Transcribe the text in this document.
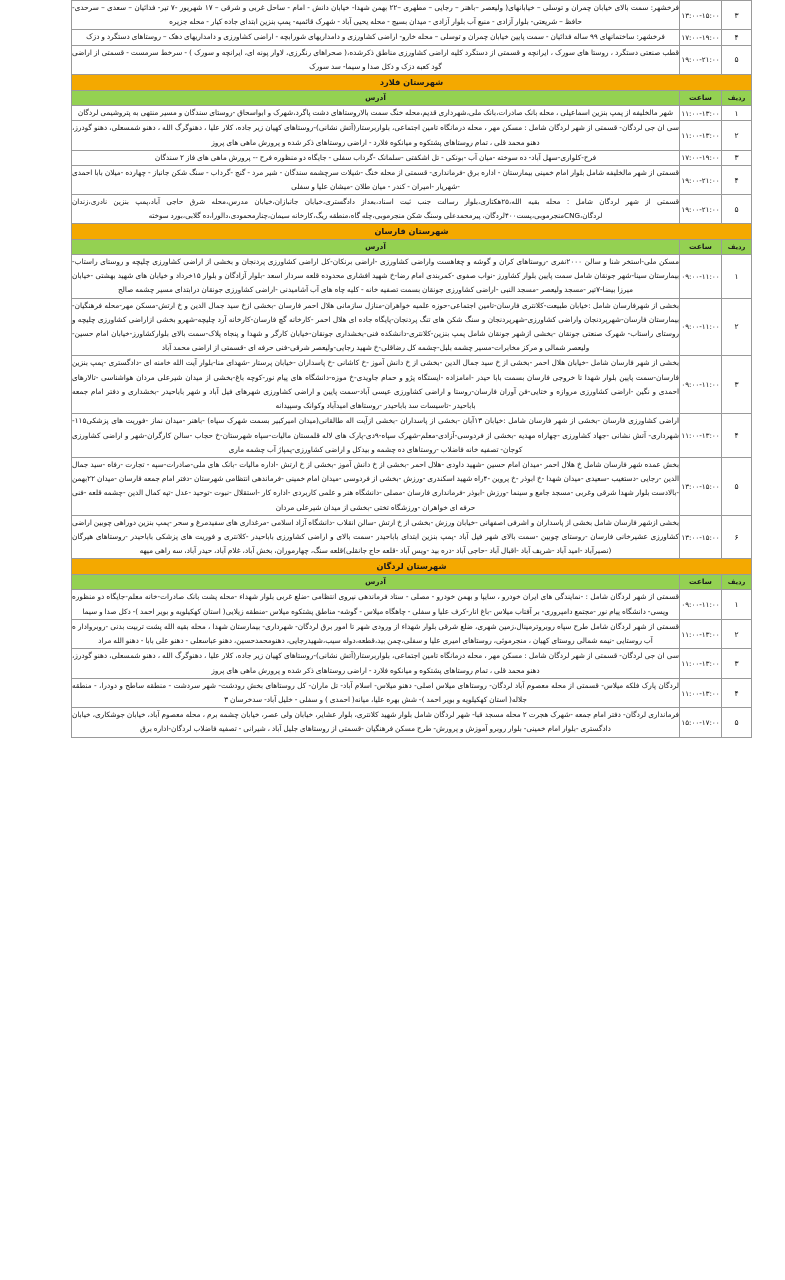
۳	۱۳:۰۰-۱۵:۰۰	فرخشهر: سمت بالای خیابان چمران و توسلی – خیابانهای( ولیعصر –باهنر – رجایی – مطهری –۲۲ بهمن شهدا- خیابان دانش - امام - ساحل غربی و شرقی – ۱۷ شهریور -۷ تیر- فدائیان – سعدی – سرحدی- حافظ – شریعتی- بلوار آزادی - منبع آب بلوار آزادی - میدان بسیج - محله یحیی آباد - شهرک قائمیه- پمپ بنزین ابتدای جاده کیار - محله جزیره
۴	۱۷:۰۰-۱۹:۰۰	فرخشهر: ساختمانهای ۹۹ ساله فدائیان - سمت پایین خیابان چمران و توسلی – محله خارو- اراضی کشاورزی و دامداریهای شورابچه - اراضی کشاورزی و دامداریهای دهک – روستاهای دستگرد و دزک
۵	۱۹:۰۰-۲۱:۰۰	قطب صنعتی دستگرد ، روستا های سورک ، ایرانچه و قسمتی از دستگرد کلیه اراضی کشاورزی مناطق ذکرشده،( صحراهای رنگرزی، لاوار پونه ای، ایرانچه و سورک ) - سرخط سرمست - قسمتی از اراضی گود کعبه دزک و دکل صدا و سیما- سد سورک
شهرستان فلارد		
ردیف	ساعت	آدرس
۱	۱۱:۰۰-۱۳:۰۰	شهر مالخلیفه از پمپ بنزین اسماعیلی ، محله بانک صادرات،بانک ملی،شهرداری قدیم،محله خنگ سمت بالاروستاهای دشت پاگرد،شهرک و ابواسحاق -روستای سندگان و مسیر منتهی به پتروشیمی لردگان
۲	۱۱:۰۰-۱۳:۰۰	سی ان جی لردگان- قسمتی از شهر لردگان شامل : مسکن مهر ، محله درمانگاه تامین اجتماعی، بلواربرستار(آتش نشانی)-روستاهای کهیان زیر جاده، کلار علیا ، دهنوگرگ الله ، دهنو شمسعلی، دهنو گودرز، دهنو محمد قلی ، تمام روستاهای پشتکوه و میانکوه فلارد - اراضی روستاهای ذکر شده و پرورش ماهی های پروز
۳	۱۷:۰۰-۱۹:۰۰	فرح-کلواری-سهل آباد- ده سوخته -میان آب -بونکی - تل اشکفتی -سلمانک -گرداب سفلی - جایگاه دو منظوره فرح -- پرورش ماهی های فاز ۲ سندگان
۴	۱۹:۰۰-۲۱:۰۰	قسمتی از شهر مالخلیفه شامل بلوار امام خمینی بیمارستان - اداره برق -فرمانداری- قسمتی از محله خنگ -شیلات سرچشمه سندگان - شیر مرد - گنج -گرداب - سنگ شکن جانباز - چهارده -میلان بابا احمدی -شهریار -امیران - کندر - میان طلان -میشان علیا و سفلی
۵	۱۹:۰۰-۲۱:۰۰	قسمتی از شهر لردگان شامل : محله بقیه الله،۲۵هکتاری،بلوار رسالت جنب ثبت اسناد،بعداز دادگستری،خیابان جانبازان،خیابان مدرس،محله شرق حاجی آباد،پمپ بنزین نادری،زندان لردگان،CNGمنجرموبی،پست۴۰۰لردگان، پیرمحمدعلی وسنگ شکن منجرموبی،چله گاه،منطقه ریگ،کارخانه سیمان،چنارمحمودی،دالورا،ده گلابی،بورد سوخته
شهرستان فارسان		
ردیف	ساعت	آدرس
۱	۰۹:۰۰-۱۱:۰۰	مسکن ملی-استخر شنا و سالن ۲۰۰۰نفری -روستاهای کران و گوشه و چغاهست واراضی کشاورزی -اراضی برنکان-کل اراضی کشاورزی پردنجان و بخشی از اراضی کشاورزی چلیچه و روستای راستاب-بیمارستان سینا-شهر جونقان شامل سمت پایین بلوار کشاورز -نواب صفوی -کمربندی امام رضا-خ شهید افشاری محدوده قلعه سردار اسعد -بلوار آزادگان و بلوار ۱۵خرداد و خیابان های شهید بهشتی -خیابان میرزا بیضا-۷تیر -مسجد ولیعصر -مسجد النبی -اراضی کشاورزی جونقان بسمت تصفیه خانه - کلیه چاه های آب آشامیدنی -اراضی کشاورزی جونقان درابتدای مسیر چشمه صالح
۲	۰۹:۰۰-۱۱:۰۰	بخشی از شهرفارسان شامل :خیابان طبیعت-کلانتری فارسان-تامین اجتماعی-حوزه علمیه خواهران-منازل سازمانی هلال احمر فارسان -بخشی ازخ سید جمال الدین و خ ارتش-مسکن مهر-محله فرهنگیان-بیمارستان فارسان-شهرپردنجان واراضی کشاورزی-شهرپردنجان و سنگ شکن های تنگ پردنجان-پایگاه جاده ای هلال احمر -کارخانه گچ فارسان-کارخانه آرد چلیچه-شهرو بخشی ازاراضی کشاورزی چلیچه و روستای راستاب- شهرک صنعتی جونقان -بخشی ازشهر جونقان شامل پمپ بنزین-کلانتری-دانشکده فنی-بخشداری جونقان-خیابان کارگر و شهدا و پنجاه پلاک-سمت بالای بلوارکشاورز-خیابان امام حسین-ولیعصر شمالی و مرکز مخابرات-مسیر چشمه بلبل-چشمه کل رضاقلی-خ شهید رجایی-ولیعصر شرقی-فنی حرفه ای -قسمتی از اراضی محمد آباد
۳	۰۹:۰۰-۱۱:۰۰	بخشی از شهر فارسان شامل -خیابان هلال احمر -بخشی از خ سید جمال الدین -بخشی از خ دانش آموز -خ کاشانی -خ پاسداران -خیابان پرستار -شهدای منا-بلوار آیت الله خامنه ای -دادگستری -پمپ بنزین فارسان-سمت پایین بلوار شهدا تا خروجی فارسان بسمت بابا حیدر -امامزاده -ایستگاه پژو و حمام جاویدی-خ موزه-دانشگاه های پیام نور-کوچه باغ-بخشی از میدان شیرعلی مردان هواشناسی -تالارهای احمدی و نگین -اراضی کشاورزی مروازه و ختایی-فن آوران فارسان-روستا و اراضی کشاورزی عیسی آباد-سمت پایین و اراضی کشاورزی شهرهای فیل آباد و شهر باباحیدر -بخشداری و دفتر امام جمعه باباحیدر -تاسیسات سد باباحیدر -روستاهای امیدآباد وکوانک وسپیدانه
۴	۱۱:۰۰-۱۳:۰۰	اراضی کشاورزی فارسان -بخشی از شهر فارسان شامل :خیابان ۱۳آبان -بخشی از پاسداران -بخشی ازآیت اله طالقانی(میدان امیرکبیر بسمت شهرک سپاه) -باهنر -میدان نماز -فوریت های پزشکی۱۱۵-شهرداری- آتش نشانی -جهاد کشاورزی -چهاراه مهدیه -بخشی از فردوسی-آزادی-معلم-شهرک سپاه-۹دی-پارک های لاله قلمستان مالیات-سپاه شهرستان-خ حجاب -سالن کارگران-شهر و اراضی کشاورزی کوجان- تصفیه خانه فاضلاب -روستاهای ده چشمه و بیدکل و اراضی کشاورزی-پمپاژ آب چشمه ماری
۵	۱۳:۰۰-۱۵:۰۰	بخش عمده شهر فارسان شامل خ هلال احمر -میدان امام حسین -شهید داودی -هلال احمر -بخشی از خ دانش آموز -بخشی از خ ارتش -اداره مالیات -بانک های ملی-صادرات-سپه - تجارت -رفاه -سید جمال الدین -رجایی -دستغیب -سعیدی -میدان شهدا -خ ابوذر -خ پروین -۴راه شهید اسکندری -ورزش -بخشی از فردوسی -میدان امام خمینی -فرماندهی انتظامی شهرستان -دفتر امام جمعه فارسان -میدان ۲۲بهمن -بالادست بلوار شهدا شرقی وغربی -مسجد جامع و سینما -ورزش -ابوذر -فرمانداری فارسان -مصلی -دانشگاه هنر و علمی کاربردی -اداره کار -استقلال -نبوت -توحید -عدل -تپه کمال الدین -چشمه قلعه -فنی حرفه ای خواهران -ورزشگاه تختی -بخشی از میدان شیرعلی مردان
۶	۱۳:۰۰-۱۵:۰۰	بخشی ازشهر فارسان شامل بخشی از پاسداران و اشرفی اصفهانی -خیابان ورزش -بخشی از خ ارتش -سالن انقلاب -دانشگاه آزاد اسلامی -مرغداری های سفیدمرغ و سحر -پمپ بنزین دوراهی چوبین اراضی کشاورزی عشیرخانی فارسان -روستای چوبین -سمت بالای شهر فیل آباد -پمپ بنزین ابتدای باباحیدر -سمت بالای و اراضی کشاورزی باباحیدر -کلانتری و فوریت های پزشکی باباحیدر -روستاهای هیرگان (نصیرآباد -امید آباد -شریف آباد -اقبال آباد -حاجی آباد -دره بید -ویس آباد -قلعه حاج جانقلی)قلعه سنگ، چهارموران، بخش آباد، غلام آباد، حیدر آباد، سه راهی میهه
شهرستان لردگان		
ردیف	ساعت	آدرس
۱	۰۹:۰۰-۱۱:۰۰	قسمتی از شهر لردگان شامل : -نمایندگی های ایران خودرو ، سایپا و بهمن خودرو - مصلی - ستاد فرماندهی نیروی انتظامی -ضلع غربی بلوار شهداء -محله پشت بانک صادرات-خانه معلم-جایگاه دو منظوره ویسی- دانشگاه پیام نور -مجتمع دامپروری- بر آفتاب میلاس -باغ انار-کرف علیا و سفلی - چاهگاه میلاس - گوشه- مناطق پشتکوه میلاس -منطقه زیلایی( استان کهکیلویه و بویر احمد )- دکل صدا و سیما
۲	۱۱:۰۰-۱۳:۰۰	قسمتی از شهر لردگان شامل طرح سپاه روبروترمینال،زمین شهری، ضلع شرقی بلوار شهداء از ورودی شهر تا امور برق لردگان- شهرداری- بیمارستان شهدا ، محله بقیه الله پشت تربیت بدنی -روبروادار ه آب روستایی -نیمه شمالی روستای کهیان ، منجرموئی، روستاهای امیری علیا و سفلی،چمن بید،قطعه،دوله سیب،شهیدرجایی، دهنومحمدحسین، دهنو عباسعلی - دهنو علی بابا - دهنو الله مراد
۳	۱۱:۰۰-۱۳:۰۰	سی ان جی لردگان- قسمتی از شهر لردگان شامل : مسکن مهر ، محله درمانگاه تامین اجتماعی، بلواربرستار(آتش نشانی)-روستاهای کهیان زیر جاده، کلار علیا ، دهنوگرگ الله ، دهنو شمسعلی، دهنو گودرز، دهنو محمد قلی ، تمام روستاهای پشتکوه و میانکوه فلارد - اراضی روستاهای ذکر شده و پرورش ماهی های پروز
۴	۱۱:۰۰-۱۳:۰۰	لردگان پارک فلکه میلاس- قسمتی از محله معصوم آباد لردگان- روستاهای میلاس اصلی- دهنو میلاس- اسلام آباد- تل ماران- کل روستاهای بخش رودشت- شهر سردشت - منطقه ساطح و دودرا، - منطقه جلاله( استان کهکیلویه و بویر احمد )- شش بهره علیا، میانه( احمدی ) و سفلی - خلیل آباد- سدخرسان ۳
۵	۱۵:۰۰-۱۷:۰۰	فرمانداری لردگان- دفتر امام جمعه -شهرک هجرت ۲ محله مسجد قبا- شهر لردگان شامل بلوار شهید کلانتری، بلوار عشایر، خیابان ولی عصر، خیابان چشمه برم ، محله معصوم آباد، خیابان جوشکاری، خیابان دادگستری -بلوار امام خمینی- بلوار روبرو آموزش و پرورش- طرح مسکن فرهنگیان -قسمتی از روستاهای جلیل آباد ، شیرانی - تصفیه فاضلاب لردگان-اداره برق
